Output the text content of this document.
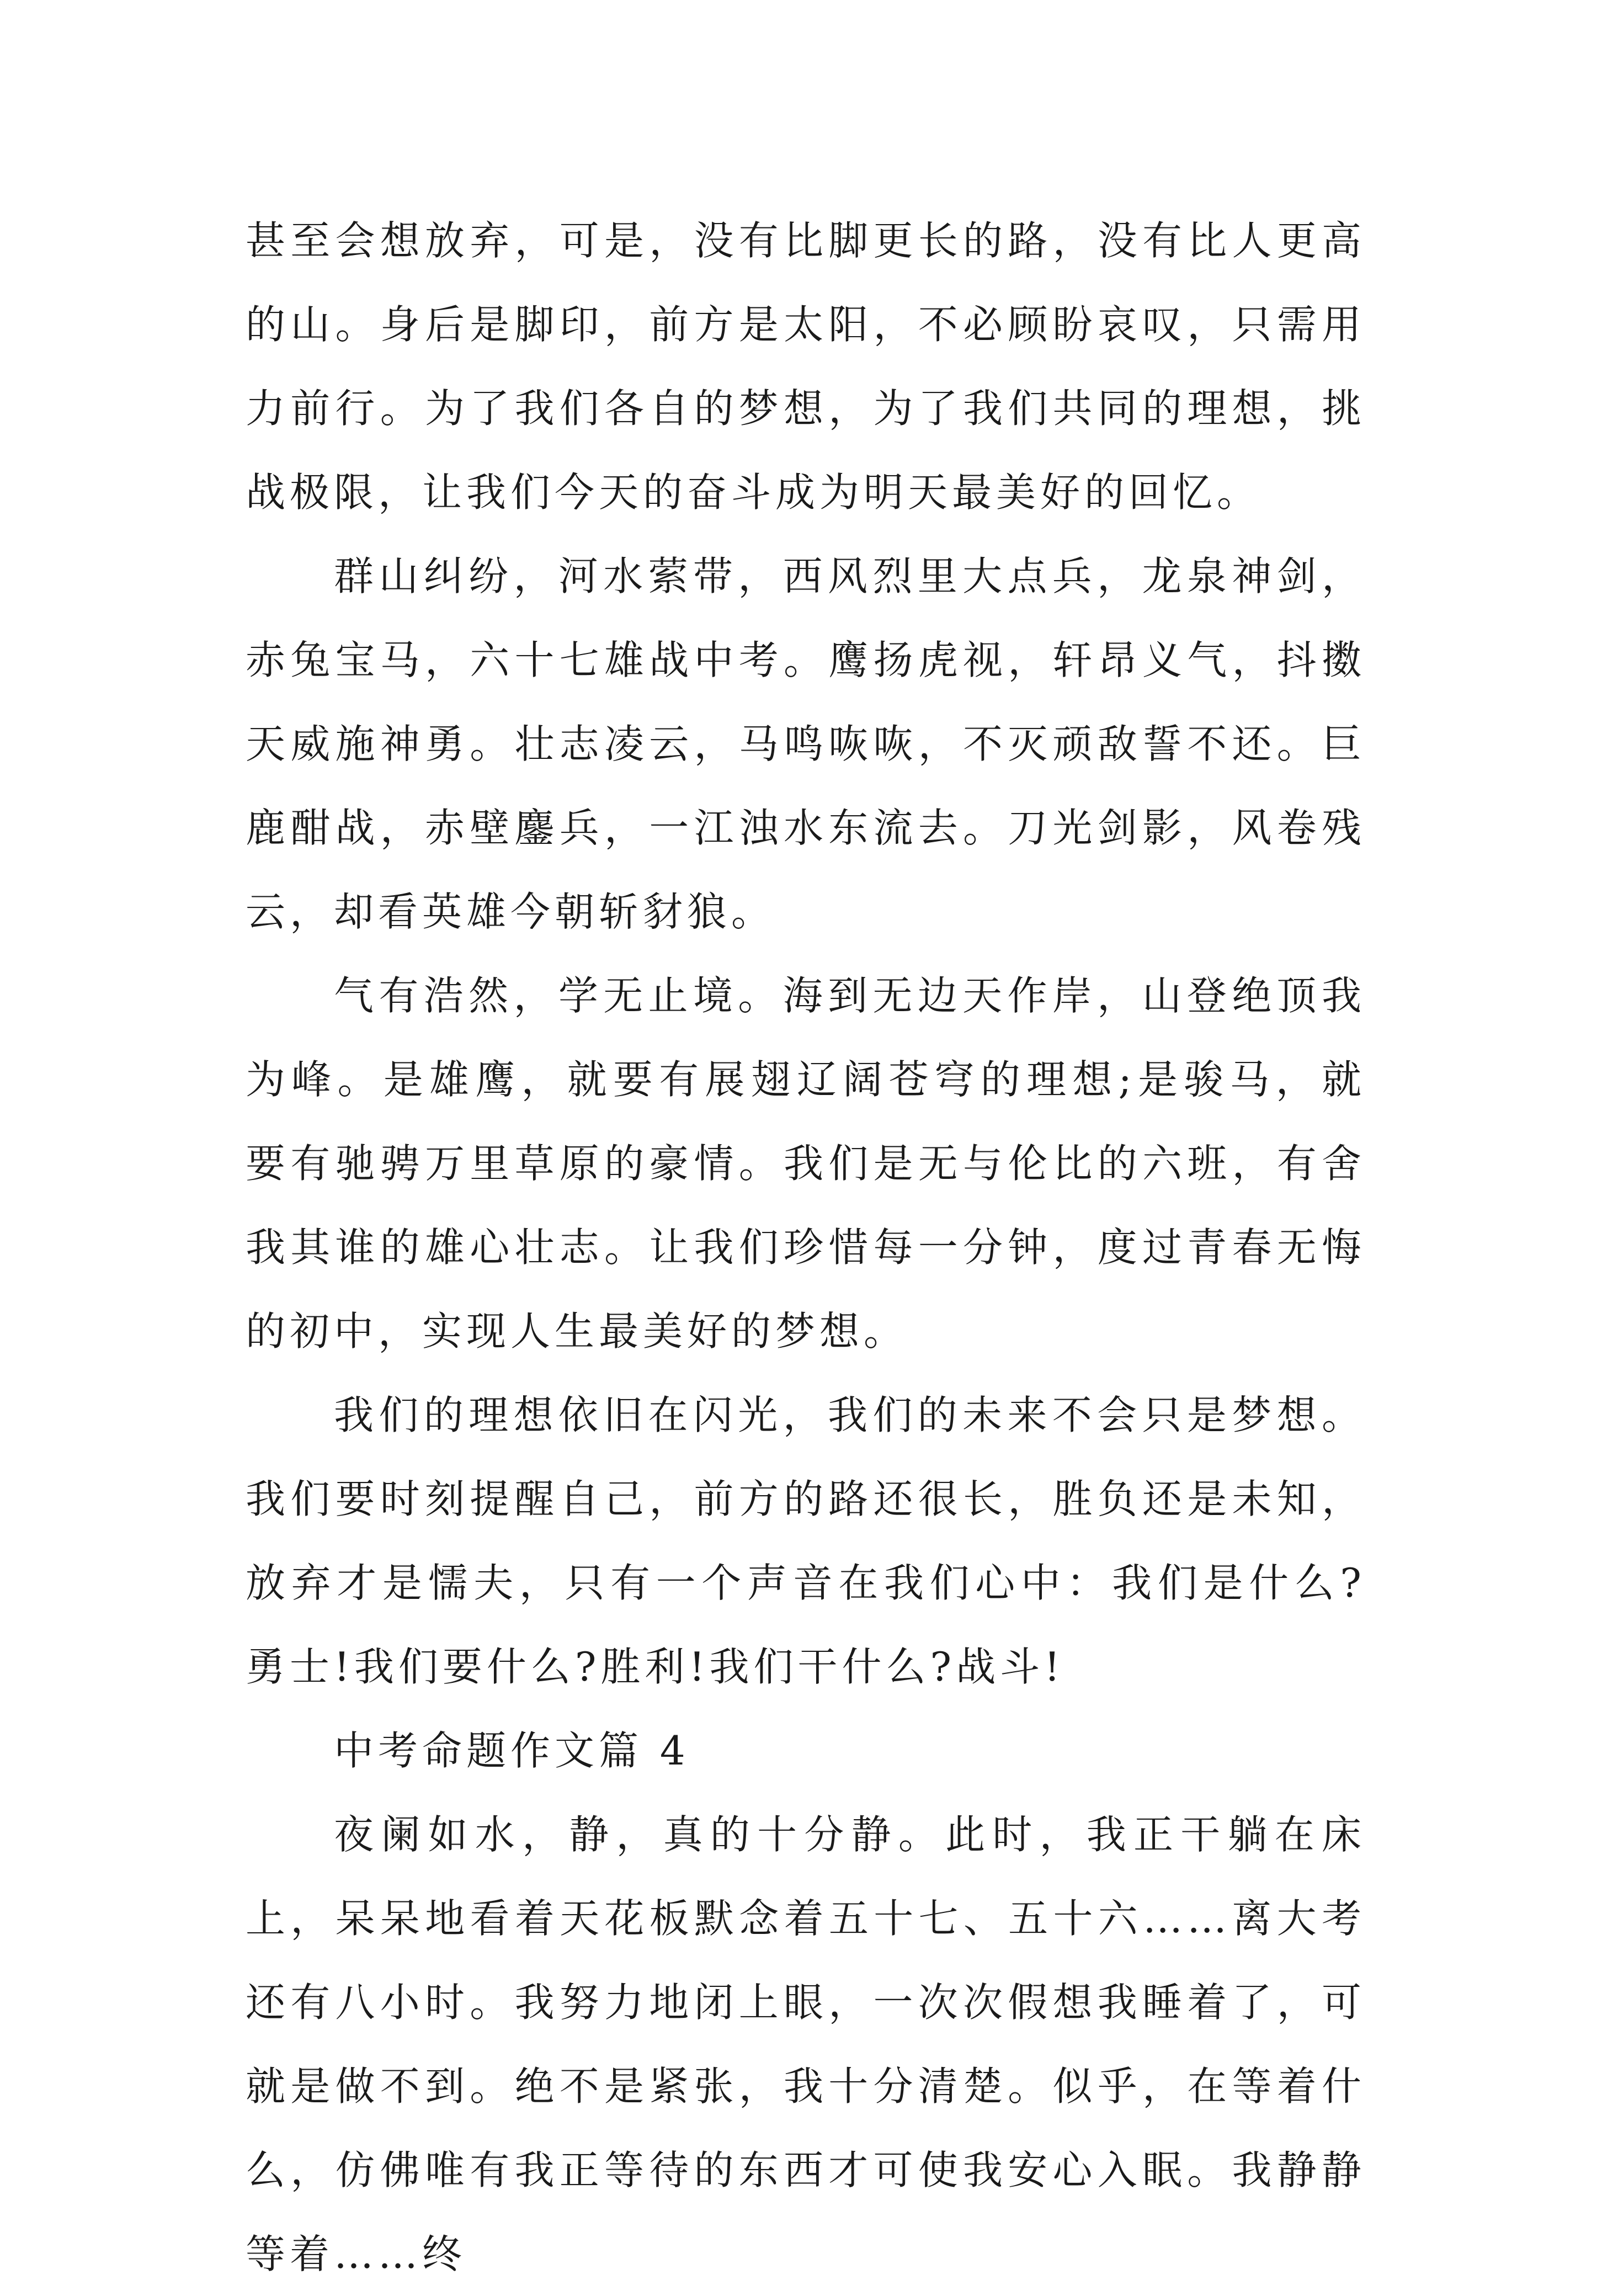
甚至会想放弃，可是，没有比脚更长的路，没有比人更高的山。身后是脚印，前方是太阳，不必顾盼哀叹，只需用力前行。为了我们各自的梦想，为了我们共同的理想，挑战极限，让我们今天的奋斗成为明天最美好的回忆。

群山纠纷，河水萦带，西风烈里大点兵，龙泉神剑，赤兔宝马，六十七雄战中考。鹰扬虎视，轩昂义气，抖擞天威施神勇。壮志凌云，马鸣咴咴，不灭顽敌誓不还。巨鹿酣战，赤壁鏖兵，一江浊水东流去。刀光剑影，风卷残云，却看英雄今朝斩豺狼。

气有浩然，学无止境。海到无边天作岸，山登绝顶我为峰。是雄鹰，就要有展翅辽阔苍穹的理想;是骏马，就要有驰骋万里草原的豪情。我们是无与伦比的六班，有舍我其谁的雄心壮志。让我们珍惜每一分钟，度过青春无悔的初中，实现人生最美好的梦想。

我们的理想依旧在闪光，我们的未来不会只是梦想。我们要时刻提醒自己，前方的路还很长，胜负还是未知，放弃才是懦夫，只有一个声音在我们心中：我们是什么?勇士!我们要什么?胜利!我们干什么?战斗!

中考命题作文篇 4

夜阑如水，静，真的十分静。此时，我正干躺在床上，呆呆地看着天花板默念着五十七、五十六……离大考还有八小时。我努力地闭上眼，一次次假想我睡着了，可就是做不到。绝不是紧张，我十分清楚。似乎，在等着什么，仿佛唯有我正等待的东西才可使我安心入眠。我静静等着……终
